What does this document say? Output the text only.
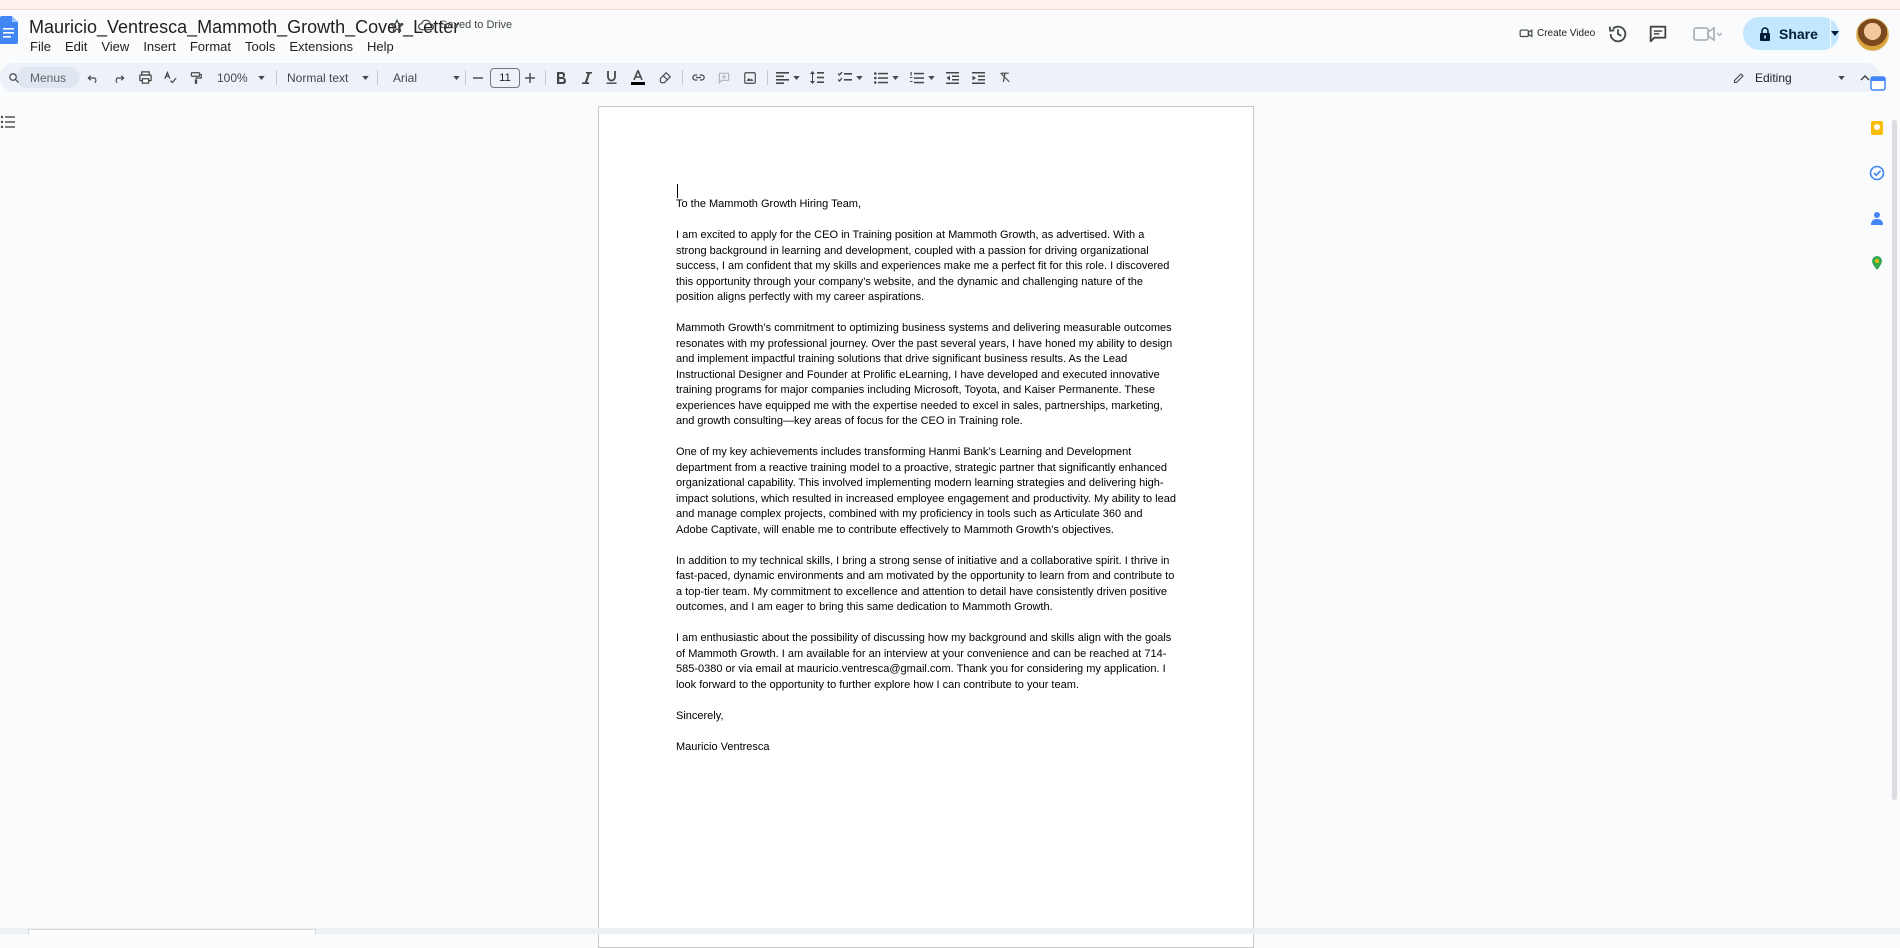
Mauricio_Ventresca_Mammoth_Growth_Cover_Letter
Saved to Drive
File	Edit	View	Insert	Format	Tools	Extensions	Help
Create Video	Share
Menus	100%	Normal text	Arial	11	Editing

To the Mammoth Growth Hiring Team,

I am excited to apply for the CEO in Training position at Mammoth Growth, as advertised. With a strong background in learning and development, coupled with a passion for driving organizational success, I am confident that my skills and experiences make me a perfect fit for this role. I discovered this opportunity through your company’s website, and the dynamic and challenging nature of the position aligns perfectly with my career aspirations.

Mammoth Growth’s commitment to optimizing business systems and delivering measurable outcomes resonates with my professional journey. Over the past several years, I have honed my ability to design and implement impactful training solutions that drive significant business results. As the Lead Instructional Designer and Founder at Prolific eLearning, I have developed and executed innovative training programs for major companies including Microsoft, Toyota, and Kaiser Permanente. These experiences have equipped me with the expertise needed to excel in sales, partnerships, marketing, and growth consulting—key areas of focus for the CEO in Training role.

One of my key achievements includes transforming Hanmi Bank’s Learning and Development department from a reactive training model to a proactive, strategic partner that significantly enhanced organizational capability. This involved implementing modern learning strategies and delivering high-impact solutions, which resulted in increased employee engagement and productivity. My ability to lead and manage complex projects, combined with my proficiency in tools such as Articulate 360 and Adobe Captivate, will enable me to contribute effectively to Mammoth Growth’s objectives.

In addition to my technical skills, I bring a strong sense of initiative and a collaborative spirit. I thrive in fast-paced, dynamic environments and am motivated by the opportunity to learn from and contribute to a top-tier team. My commitment to excellence and attention to detail have consistently driven positive outcomes, and I am eager to bring this same dedication to Mammoth Growth.

I am enthusiastic about the possibility of discussing how my background and skills align with the goals of Mammoth Growth. I am available for an interview at your convenience and can be reached at 714-585-0380 or via email at mauricio.ventresca@gmail.com. Thank you for considering my application. I look forward to the opportunity to further explore how I can contribute to your team.

Sincerely,

Mauricio Ventresca
